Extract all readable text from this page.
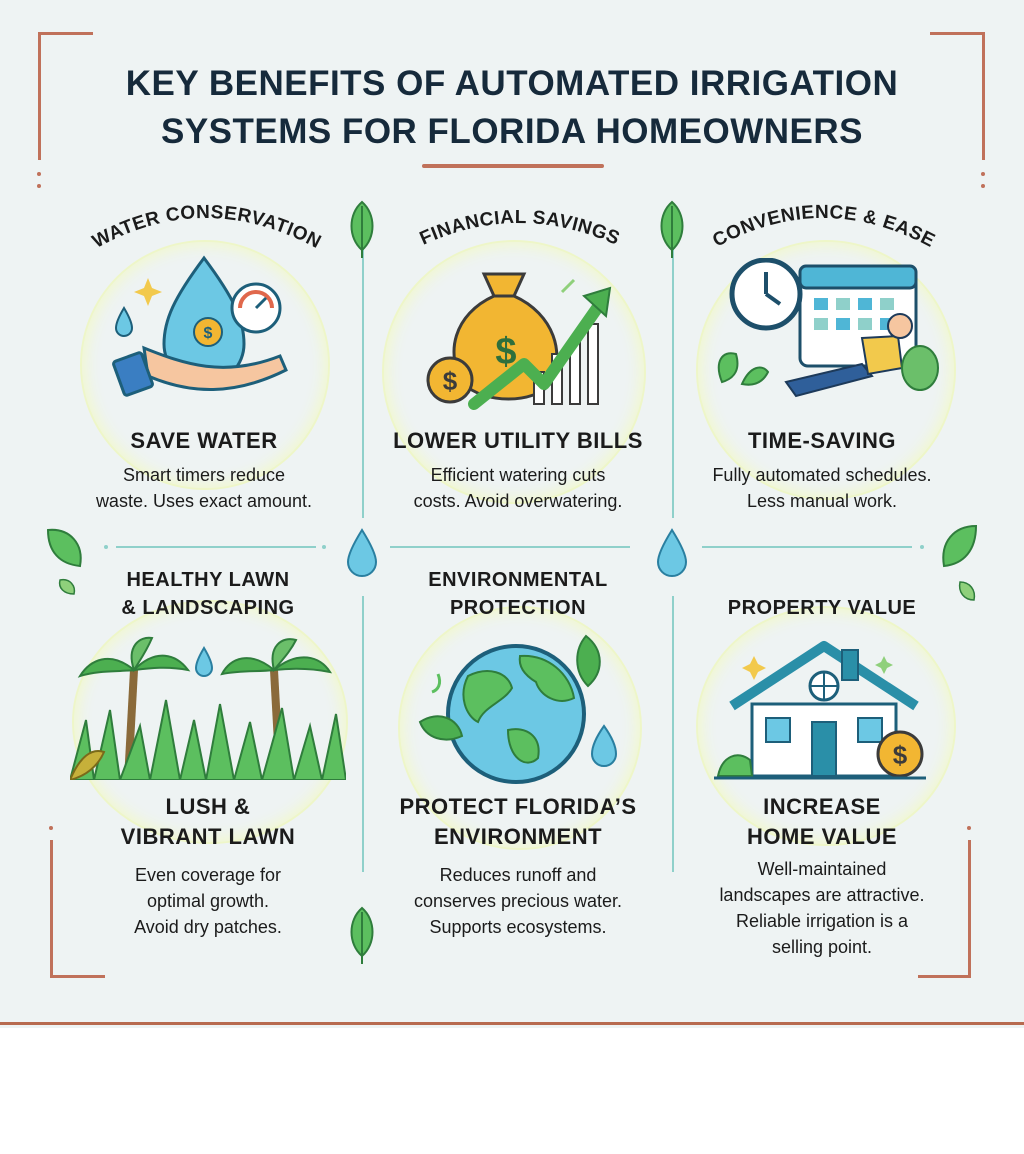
KEY BENEFITS OF AUTOMATED IRRIGATION
SYSTEMS FOR FLORIDA HOMEOWNERS
WATER CONSERVATION
$
SAVE WATER
Smart timers reduce
waste. Uses exact amount.
FINANCIAL SAVINGS
$
$
LOWER UTILITY BILLS
Efficient watering cuts
costs. Avoid overwatering.
CONVENIENCE & EASE
TIME-SAVING
Fully automated schedules.
Less manual work.
HEALTHY LAWN
& LANDSCAPING
LUSH &
VIBRANT LAWN
Even coverage for
optimal growth.
Avoid dry patches.
ENVIRONMENTAL
PROTECTION
PROTECT FLORIDA’S
ENVIRONMENT
Reduces runoff and
conserves precious water.
Supports ecosystems.
PROPERTY VALUE
$
INCREASE
HOME VALUE
Well-maintained
landscapes are attractive.
Reliable irrigation is a
selling point.
